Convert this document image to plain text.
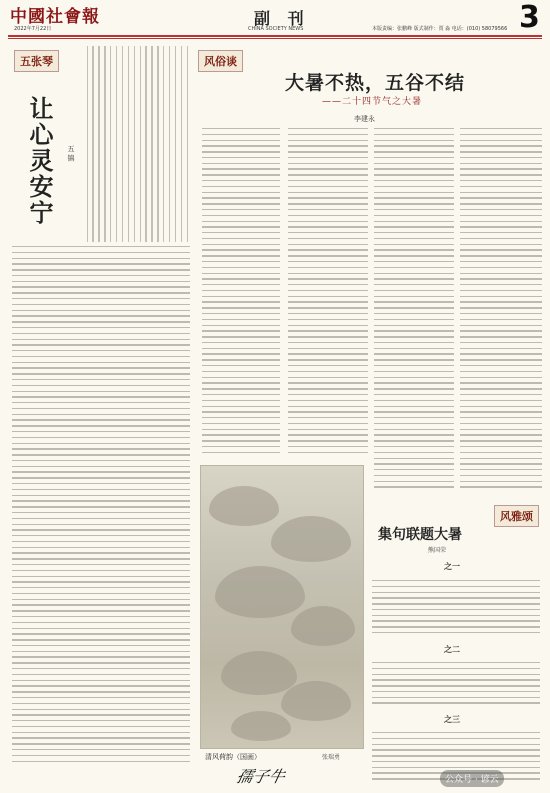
中國社會報
2022年7月22日
副 刊
CHINA SOCIETY NEWS	本版责编：张鹏峰 版式制作：贾 淼 电话：(010) 58079566 3
五张琴
让心灵安宁	五 镇
风俗谈
大暑不热，五谷不结
——二十四节气之大暑
李建永
清风荷韵（国画）	张瑞勇
孺子牛
风雅颂
集句联题大暑
熊国荣
之一
之二
之三
公众号 · 谚云
